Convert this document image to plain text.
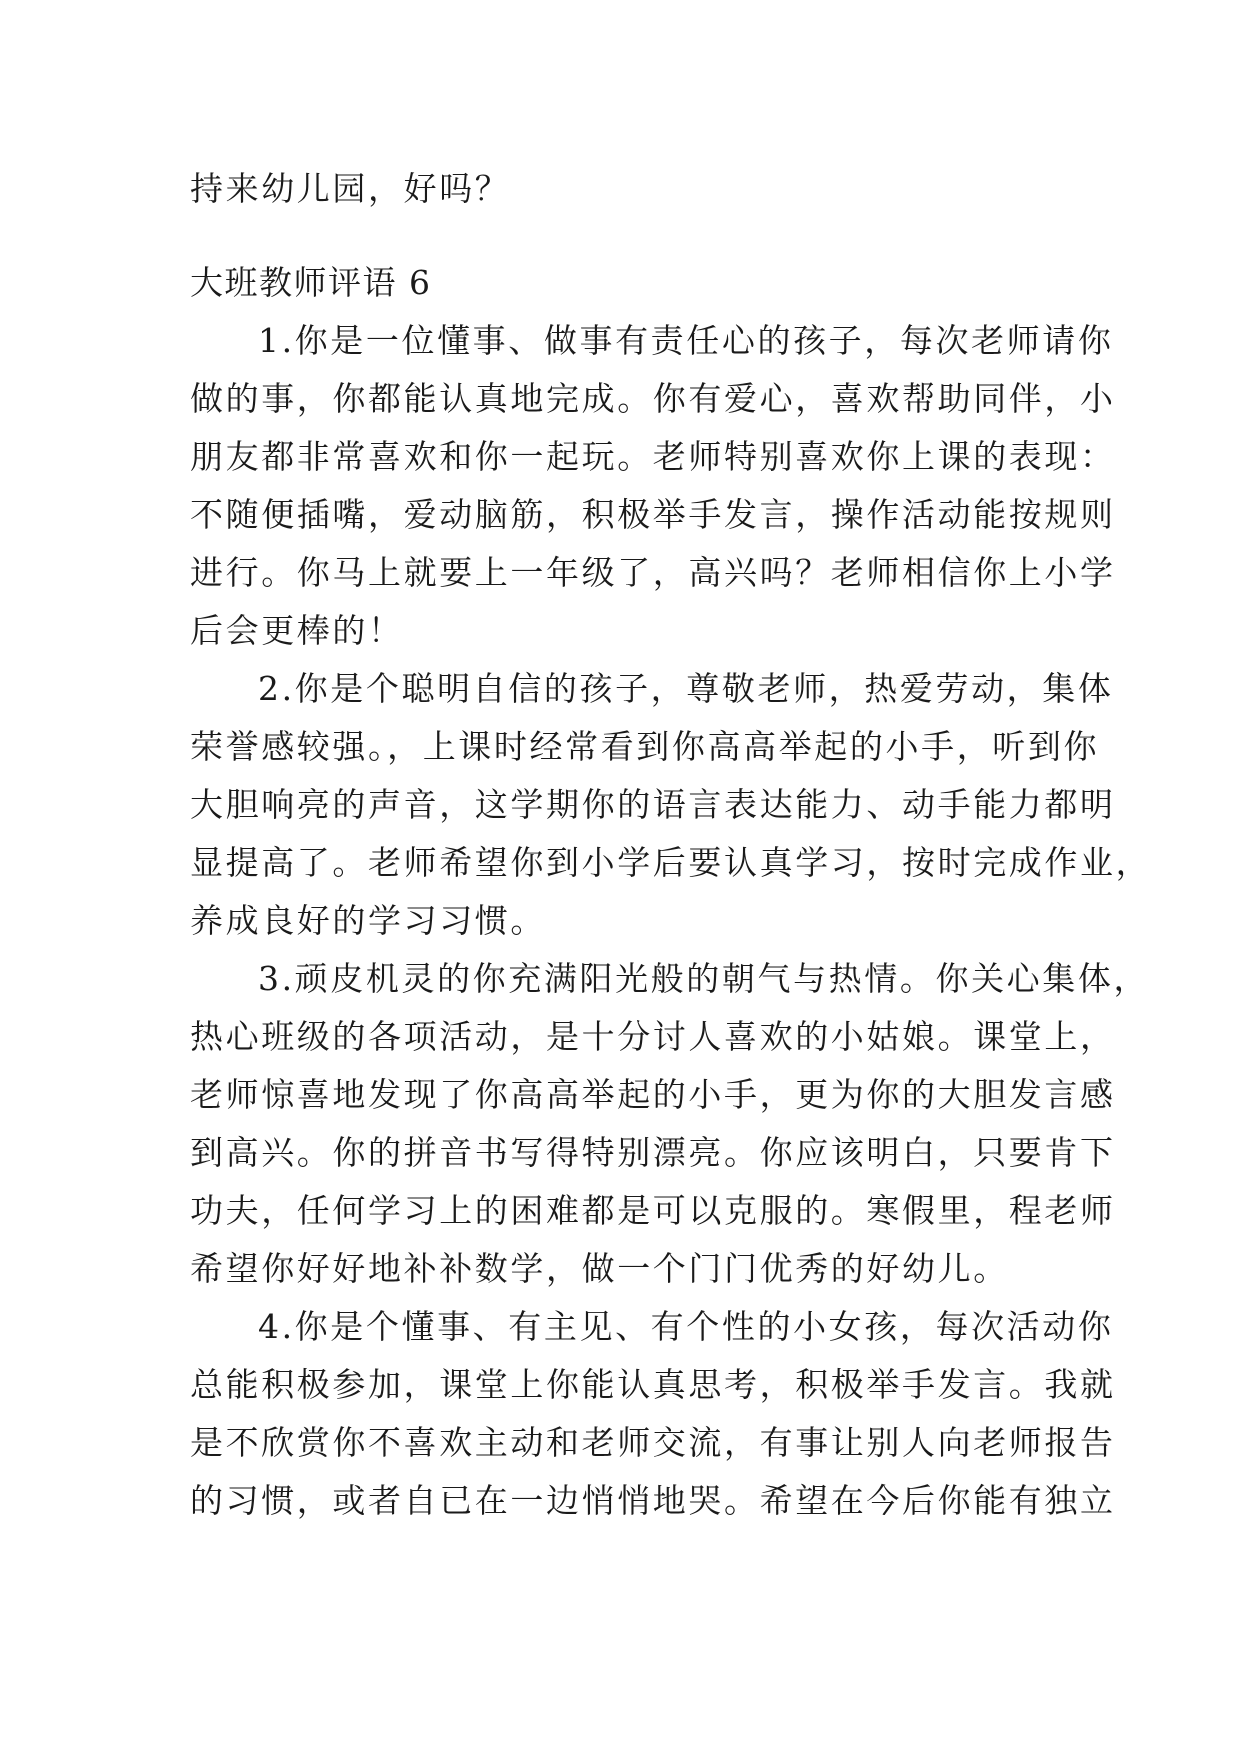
持来幼儿园，好吗？
大班教师评语 6
1.你是一位懂事、做事有责任心的孩子，每次老师请你
做的事，你都能认真地完成。你有爱心，喜欢帮助同伴，小
朋友都非常喜欢和你一起玩。老师特别喜欢你上课的表现：
不随便插嘴，爱动脑筋，积极举手发言，操作活动能按规则
进行。你马上就要上一年级了，高兴吗？老师相信你上小学
后会更棒的！
2.你是个聪明自信的孩子，尊敬老师，热爱劳动，集体
荣誉感较强。，上课时经常看到你高高举起的小手，听到你
大胆响亮的声音，这学期你的语言表达能力、动手能力都明
显提高了。老师希望你到小学后要认真学习，按时完成作业，
养成良好的学习习惯。
3.顽皮机灵的你充满阳光般的朝气与热情。你关心集体，
热心班级的各项活动，是十分讨人喜欢的小姑娘。课堂上，
老师惊喜地发现了你高高举起的小手，更为你的大胆发言感
到高兴。你的拼音书写得特别漂亮。你应该明白，只要肯下
功夫，任何学习上的困难都是可以克服的。寒假里，程老师
希望你好好地补补数学，做一个门门优秀的好幼儿。
4.你是个懂事、有主见、有个性的小女孩，每次活动你
总能积极参加，课堂上你能认真思考，积极举手发言。我就
是不欣赏你不喜欢主动和老师交流，有事让别人向老师报告
的习惯，或者自已在一边悄悄地哭。希望在今后你能有独立
